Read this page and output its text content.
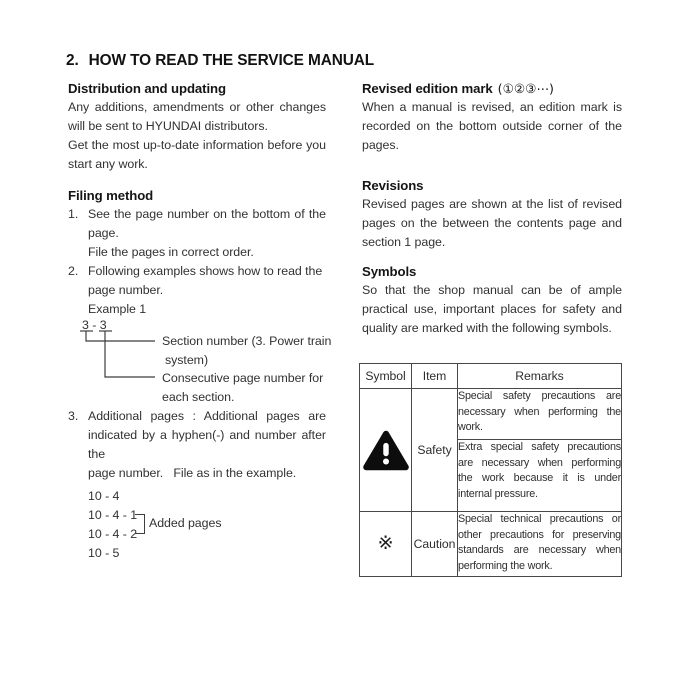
2. HOW TO READ THE SERVICE MANUAL
Distribution and updating
Any additions, amendments or other changes
will be sent to HYUNDAI distributors.
Get the most up-to-date information before you
start any work.
Filing method
1. See the page number on the bottom of the
page.
File the pages in correct order.
2. Following examples shows how to read the
page number.
Example 1
3 - 3
Section number (3. Power train
system)
Consecutive page number for
each section.
3. Additional pages : Additional pages are
indicated by a hyphen(-) and number after the
page number.   File as in the example.
10 - 4
10 - 4 - 1
10 - 4 - 2
10 - 5
Added pages
Revised edition mark (①②③⋯)
When a manual is revised, an edition mark is
recorded on the bottom outside corner of the
pages.
Revisions
Revised pages are shown at the list of revised
pages on the between the contents page and
section 1 page.
Symbols
So that the shop manual can be of ample
practical use, important places for safety and
quality are marked with the following symbols.
Symbol	Item	Remarks

	Safety	Special safety precautions are
necessary when performing the
work.

		Extra special safety precautions
are necessary when performing
the work because it is under
internal pressure.

※	Caution	Special technical precautions or
other precautions for preserving
standards are necessary when
performing the work.
